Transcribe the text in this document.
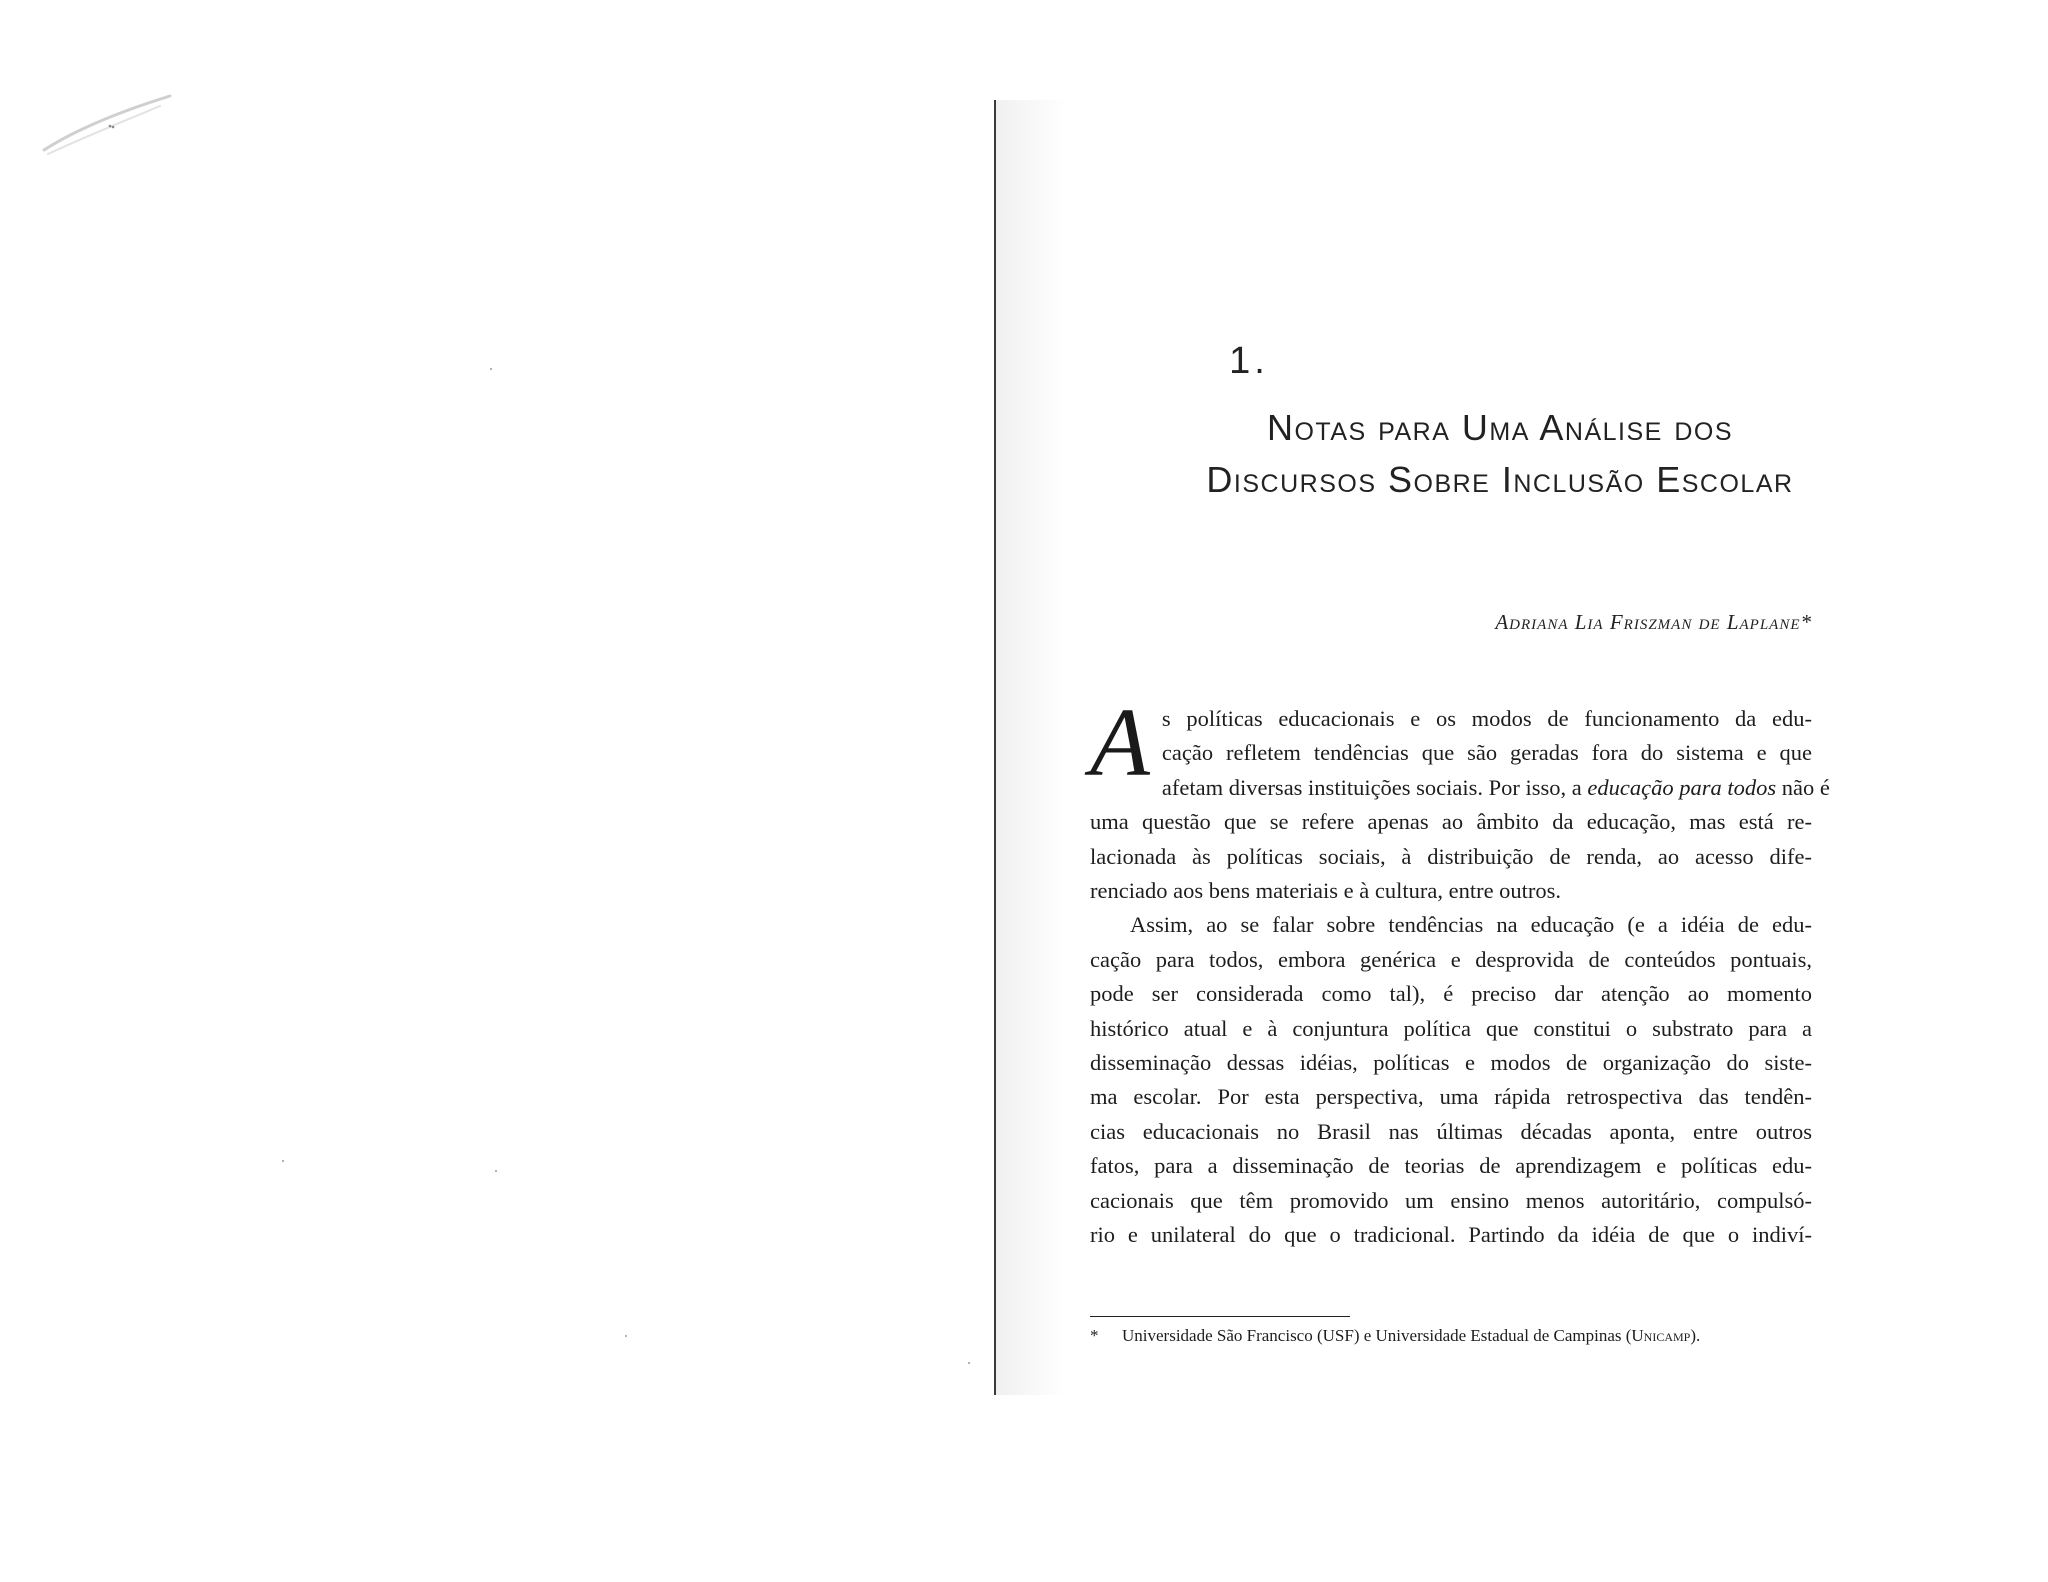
1.
Notas para Uma Análise dos
Discursos Sobre Inclusão Escolar
Adriana Lia Friszman de Laplane*
A s políticas educacionais e os modos de funcionamento da edu-
cação refletem tendências que são geradas fora do sistema e que
afetam diversas instituições sociais. Por isso, a educação para todos não é
uma questão que se refere apenas ao âmbito da educação, mas está re-
lacionada às políticas sociais, à distribuição de renda, ao acesso dife-
renciado aos bens materiais e à cultura, entre outros.
Assim, ao se falar sobre tendências na educação (e a idéia de edu-
cação para todos, embora genérica e desprovida de conteúdos pontuais,
pode ser considerada como tal), é preciso dar atenção ao momento
histórico atual e à conjuntura política que constitui o substrato para a
disseminação dessas idéias, políticas e modos de organização do siste-
ma escolar. Por esta perspectiva, uma rápida retrospectiva das tendên-
cias educacionais no Brasil nas últimas décadas aponta, entre outros
fatos, para a disseminação de teorias de aprendizagem e políticas edu-
cacionais que têm promovido um ensino menos autoritário, compulsó-
rio e unilateral do que o tradicional. Partindo da idéia de que o indiví-
* Universidade São Francisco (USF) e Universidade Estadual de Campinas (Unicamp).
